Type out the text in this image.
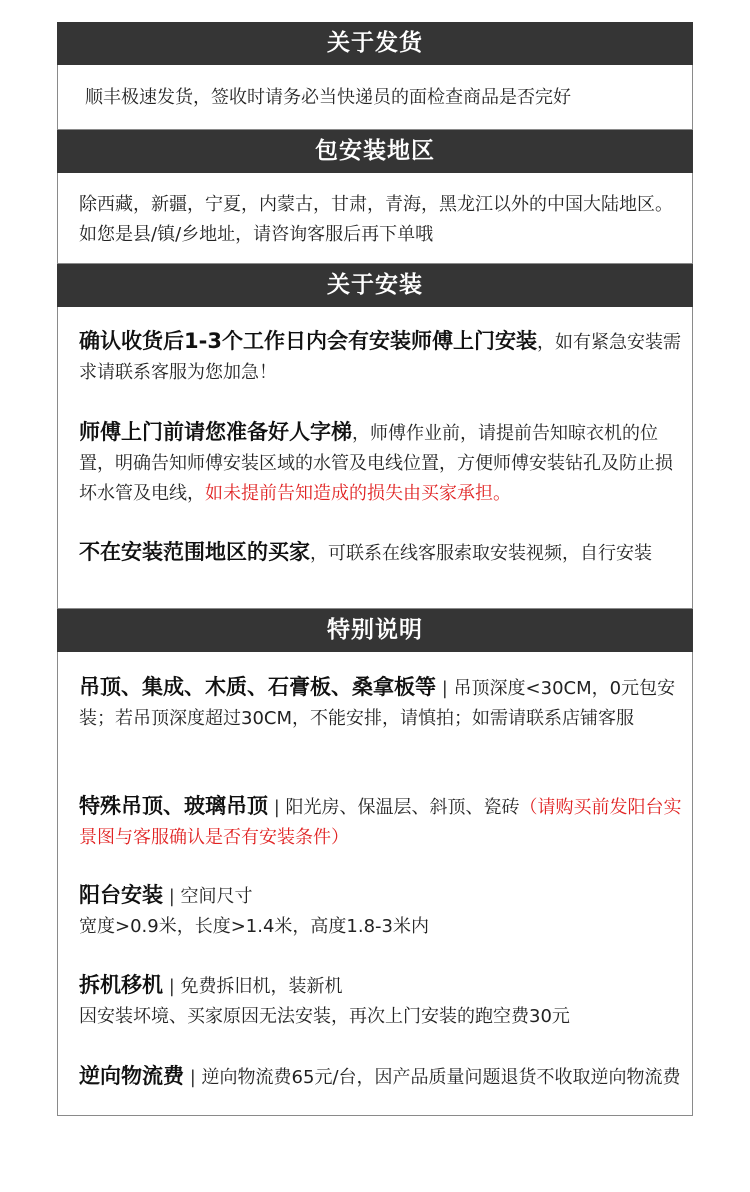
关于发货
顺丰极速发货，签收时请务必当快递员的面检查商品是否完好
包安装地区
除西藏，新疆，宁夏，内蒙古，甘肃，青海，黑龙江以外的中国大陆地区。如您是县/镇/乡地址，请咨询客服后再下单哦
关于安装
确认收货后1-3个工作日内会有安装师傅上门安装，如有紧急安装需求请联系客服为您加急！
师傅上门前请您准备好人字梯，师傅作业前，请提前告知晾衣机的位置，明确告知师傅安装区域的水管及电线位置，方便师傅安装钻孔及防止损坏水管及电线，如未提前告知造成的损失由买家承担。
不在安装范围地区的买家，可联系在线客服索取安装视频，自行安装
特别说明
吊顶、集成、木质、石膏板、桑拿板等 | 吊顶深度<30CM，0元包安装；若吊顶深度超过30CM，不能安排，请慎拍；如需请联系店铺客服
特殊吊顶、玻璃吊顶 | 阳光房、保温层、斜顶、瓷砖（请购买前发阳台实景图与客服确认是否有安装条件）
阳台安装 | 空间尺寸
宽度>0.9米，长度>1.4米，高度1.8-3米内
拆机移机 | 免费拆旧机，装新机
因安装坏境、买家原因无法安装，再次上门安装的跑空费30元
逆向物流费 | 逆向物流费65元/台，因产品质量问题退货不收取逆向物流费
